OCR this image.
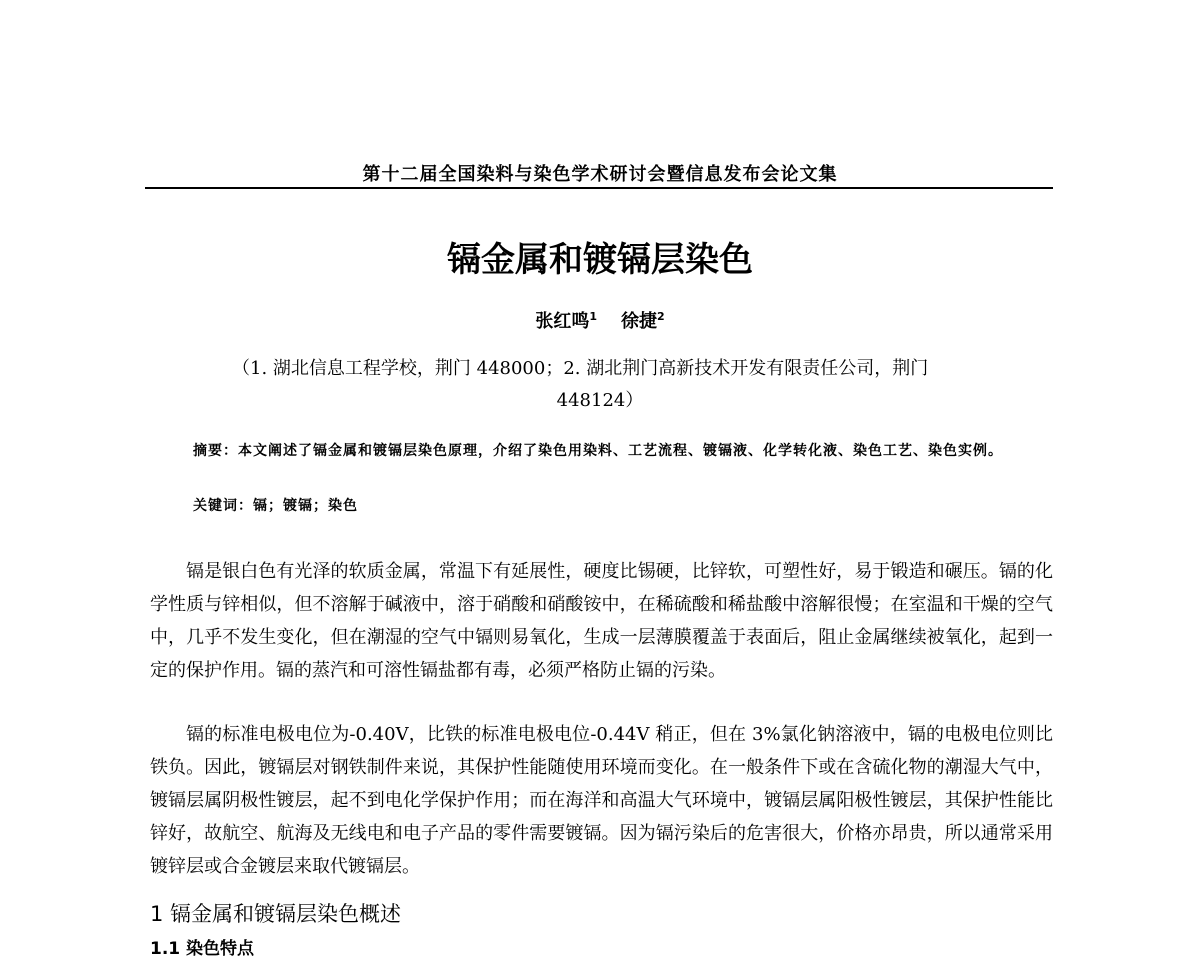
第十二届全国染料与染色学术研讨会暨信息发布会论文集
镉金属和镀镉层染色
张红鸣$^1$ 徐捷$^2$
（1. 湖北信息工程学校，荆门 448000；2. 湖北荆门高新技术开发有限责任公司，荆门
448124）
摘要：本文阐述了镉金属和镀镉层染色原理，介绍了染色用染料、工艺流程、镀镉液、化学转化液、染色工艺、染色实例。
关键词：镉；镀镉；染色
镉是银白色有光泽的软质金属，常温下有延展性，硬度比锡硬，比锌软，可塑性好，易于锻造和碾压。镉的化学性质与锌相似，但不溶解于碱液中，溶于硝酸和硝酸铵中，在稀硫酸和稀盐酸中溶解很慢；在室温和干燥的空气中，几乎不发生变化，但在潮湿的空气中镉则易氧化，生成一层薄膜覆盖于表面后，阻止金属继续被氧化，起到一定的保护作用。镉的蒸汽和可溶性镉盐都有毒，必须严格防止镉的污染。
镉的标准电极电位为-0.40V，比铁的标准电极电位-0.44V 稍正，但在 3%氯化钠溶液中，镉的电极电位则比铁负。因此，镀镉层对钢铁制件来说，其保护性能随使用环境而变化。在一般条件下或在含硫化物的潮湿大气中，镀镉层属阴极性镀层，起不到电化学保护作用；而在海洋和高温大气环境中，镀镉层属阳极性镀层，其保护性能比锌好，故航空、航海及无线电和电子产品的零件需要镀镉。因为镉污染后的危害很大，价格亦昂贵，所以通常采用镀锌层或合金镀层来取代镀镉层。
1 镉金属和镀镉层染色概述
1.1 染色特点
